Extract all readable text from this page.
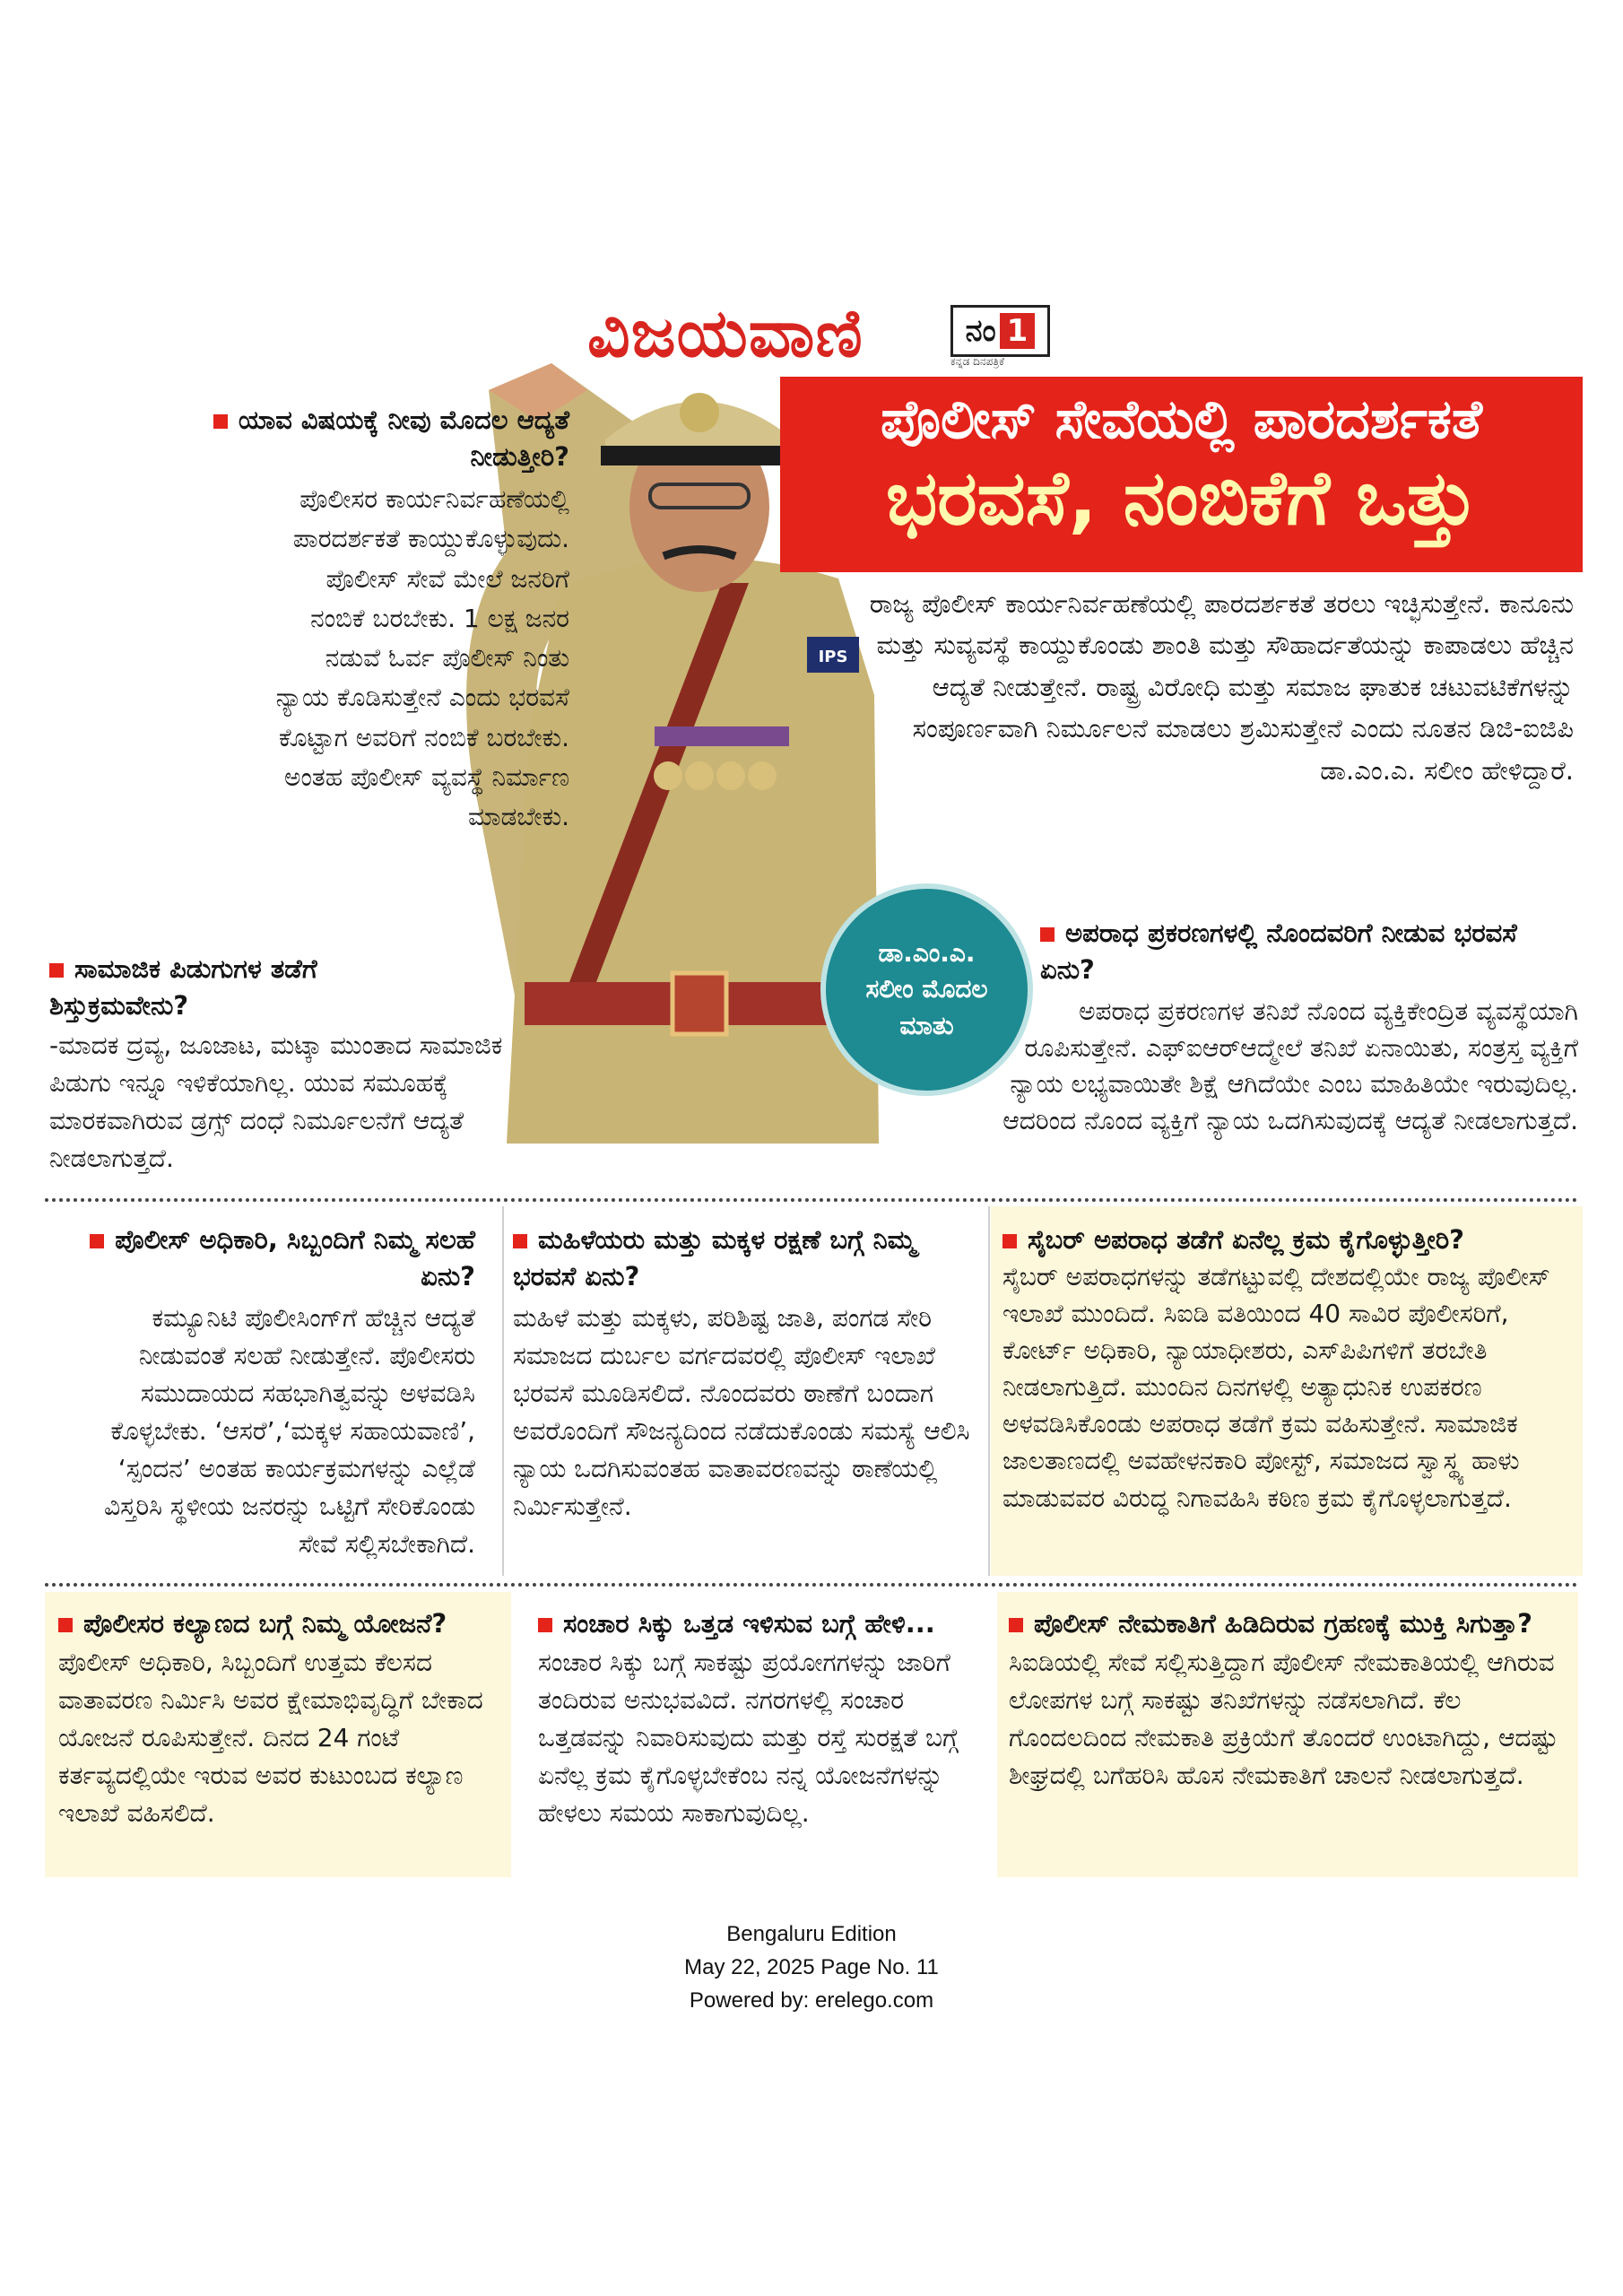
ವಿಜಯವಾಣಿ	ನಂ 1
ಕನ್ನಡ ದಿನಪತ್ರಿಕೆ
IPS
ಪೊಲೀಸ್ ಸೇವೆಯಲ್ಲಿ ಪಾರದರ್ಶಕತೆ
ಭರವಸೆ, ನಂಬಿಕೆಗೆ ಒತ್ತು
ರಾಜ್ಯ ಪೊಲೀಸ್ ಕಾರ್ಯನಿರ್ವಹಣೆಯಲ್ಲಿ ಪಾರದರ್ಶಕತೆ ತರಲು ಇಚ್ಛಿಸುತ್ತೇನೆ. ಕಾನೂನು ಮತ್ತು ಸುವ್ಯವಸ್ಥೆ ಕಾಯ್ದುಕೊಂಡು ಶಾಂತಿ ಮತ್ತು ಸೌಹಾರ್ದತೆಯನ್ನು ಕಾಪಾಡಲು ಹೆಚ್ಚಿನ ಆದ್ಯತೆ ನೀಡುತ್ತೇನೆ. ರಾಷ್ಟ್ರ ವಿರೋಧಿ ಮತ್ತು ಸಮಾಜ ಘಾತುಕ ಚಟುವಟಿಕೆಗಳನ್ನು ಸಂಪೂರ್ಣವಾಗಿ ನಿರ್ಮೂಲನೆ ಮಾಡಲು ಶ್ರಮಿಸುತ್ತೇನೆ ಎಂದು ನೂತನ ಡಿಜಿ-ಐಜಿಪಿ ಡಾ.ಎಂ.ಎ. ಸಲೀಂ ಹೇಳಿದ್ದಾರೆ.
ಡಾ.ಎಂ.ಎ.
ಸಲೀಂ ಮೊದಲ
ಮಾತು
ಯಾವ ವಿಷಯಕ್ಕೆ ನೀವು ಮೊದಲ ಆದ್ಯತೆ ನೀಡುತ್ತೀರಿ?
ಪೊಲೀಸರ ಕಾರ್ಯನಿರ್ವಹಣೆಯಲ್ಲಿ ಪಾರದರ್ಶಕತೆ ಕಾಯ್ದುಕೊಳ್ಳುವುದು. ಪೊಲೀಸ್ ಸೇವೆ ಮೇಲೆ ಜನರಿಗೆ ನಂಬಿಕೆ ಬರಬೇಕು. 1 ಲಕ್ಷ ಜನರ ನಡುವೆ ಓರ್ವ ಪೊಲೀಸ್ ನಿಂತು ನ್ಯಾಯ ಕೊಡಿಸುತ್ತೇನೆ ಎಂದು ಭರವಸೆ ಕೊಟ್ಟಾಗ ಅವರಿಗೆ ನಂಬಿಕೆ ಬರಬೇಕು. ಅಂತಹ ಪೊಲೀಸ್ ವ್ಯವಸ್ಥೆ ನಿರ್ಮಾಣ ಮಾಡಬೇಕು.
ಸಾಮಾಜಿಕ ಪಿಡುಗುಗಳ ತಡೆಗೆ ಶಿಸ್ತುಕ್ರಮವೇನು?
-ಮಾದಕ ದ್ರವ್ಯ, ಜೂಜಾಟ, ಮಟ್ಕಾ ಮುಂತಾದ ಸಾಮಾಜಿಕ ಪಿಡುಗು ಇನ್ನೂ ಇಳಿಕೆಯಾಗಿಲ್ಲ. ಯುವ ಸಮೂಹಕ್ಕೆ ಮಾರಕವಾಗಿರುವ ಡ್ರಗ್ಸ್ ದಂಧೆ ನಿರ್ಮೂಲನೆಗೆ ಆದ್ಯತೆ ನೀಡಲಾಗುತ್ತದೆ.
ಅಪರಾಧ ಪ್ರಕರಣಗಳಲ್ಲಿ ನೊಂದವರಿಗೆ ನೀಡುವ ಭರವಸೆ ಏನು?
ಅಪರಾಧ ಪ್ರಕರಣಗಳ ತನಿಖೆ ನೊಂದ ವ್ಯಕ್ತಿಕೇಂದ್ರಿತ ವ್ಯವಸ್ಥೆಯಾಗಿ ರೂಪಿಸುತ್ತೇನೆ. ಎಫ್‌ಐಆರ್‌ಆದ್ಮೇಲೆ ತನಿಖೆ ಏನಾಯಿತು, ಸಂತ್ರಸ್ತ ವ್ಯಕ್ತಿಗೆ ನ್ಯಾಯ ಲಭ್ಯವಾಯಿತೇ ಶಿಕ್ಷೆ ಆಗಿದೆಯೇ ಎಂಬ ಮಾಹಿತಿಯೇ ಇರುವುದಿಲ್ಲ. ಆದರಿಂದ ನೊಂದ ವ್ಯಕ್ತಿಗೆ ನ್ಯಾಯ ಒದಗಿಸುವುದಕ್ಕೆ ಆದ್ಯತೆ ನೀಡಲಾಗುತ್ತದೆ.
ಪೊಲೀಸ್ ಅಧಿಕಾರಿ, ಸಿಬ್ಬಂದಿಗೆ ನಿಮ್ಮ ಸಲಹೆ ಏನು?
ಕಮ್ಯೂನಿಟಿ ಪೊಲೀಸಿಂಗ್‌ಗೆ ಹೆಚ್ಚಿನ ಆದ್ಯತೆ ನೀಡುವಂತೆ ಸಲಹೆ ನೀಡುತ್ತೇನೆ. ಪೊಲೀಸರು ಸಮುದಾಯದ ಸಹಭಾಗಿತ್ವವನ್ನು ಅಳವಡಿಸಿ ಕೊಳ್ಳಬೇಕು. ‘ಆಸರೆ’,‘ಮಕ್ಕಳ ಸಹಾಯವಾಣಿ’, ‘ಸ್ಪಂದನ’ ಅಂತಹ ಕಾರ್ಯಕ್ರಮಗಳನ್ನು ಎಲ್ಲೆಡೆ ವಿಸ್ತರಿಸಿ ಸ್ಥಳೀಯ ಜನರನ್ನು ಒಟ್ಟಿಗೆ ಸೇರಿಕೊಂಡು ಸೇವೆ ಸಲ್ಲಿಸಬೇಕಾಗಿದೆ.
ಮಹಿಳೆಯರು ಮತ್ತು ಮಕ್ಕಳ ರಕ್ಷಣೆ ಬಗ್ಗೆ ನಿಮ್ಮ ಭರವಸೆ ಏನು?
ಮಹಿಳೆ ಮತ್ತು ಮಕ್ಕಳು, ಪರಿಶಿಷ್ಟ ಜಾತಿ, ಪಂಗಡ ಸೇರಿ ಸಮಾಜದ ದುರ್ಬಲ ವರ್ಗದವರಲ್ಲಿ ಪೊಲೀಸ್ ಇಲಾಖೆ ಭರವಸೆ ಮೂಡಿಸಲಿದೆ. ನೊಂದವರು ಠಾಣೆಗೆ ಬಂದಾಗ ಅವರೊಂದಿಗೆ ಸೌಜನ್ಯದಿಂದ ನಡೆದುಕೊಂಡು ಸಮಸ್ಯೆ ಆಲಿಸಿ ನ್ಯಾಯ ಒದಗಿಸುವಂತಹ ವಾತಾವರಣವನ್ನು ಠಾಣೆಯಲ್ಲಿ ನಿರ್ಮಿಸುತ್ತೇನೆ.
ಸೈಬರ್ ಅಪರಾಧ ತಡೆಗೆ ಏನೆಲ್ಲ ಕ್ರಮ ಕೈಗೊಳ್ಳುತ್ತೀರಿ?
ಸೈಬರ್ ಅಪರಾಧಗಳನ್ನು ತಡೆಗಟ್ಟುವಲ್ಲಿ ದೇಶದಲ್ಲಿಯೇ ರಾಜ್ಯ ಪೊಲೀಸ್ ಇಲಾಖೆ ಮುಂದಿದೆ. ಸಿಐಡಿ ವತಿಯಿಂದ 40 ಸಾವಿರ ಪೊಲೀಸರಿಗೆ, ಕೋರ್ಟ್ ಅಧಿಕಾರಿ, ನ್ಯಾಯಾಧೀಶರು, ಎಸ್‌ಪಿಪಿಗಳಿಗೆ ತರಬೇತಿ ನೀಡಲಾಗುತ್ತಿದೆ. ಮುಂದಿನ ದಿನಗಳಲ್ಲಿ ಅತ್ಯಾಧುನಿಕ ಉಪಕರಣ ಅಳವಡಿಸಿಕೊಂಡು ಅಪರಾಧ ತಡೆಗೆ ಕ್ರಮ ವಹಿಸುತ್ತೇನೆ. ಸಾಮಾಜಿಕ ಜಾಲತಾಣದಲ್ಲಿ ಅವಹೇಳನಕಾರಿ ಪೋಸ್ಟ್, ಸಮಾಜದ ಸ್ವಾಸ್ಥ್ಯ ಹಾಳು ಮಾಡುವವರ ವಿರುದ್ಧ ನಿಗಾವಹಿಸಿ ಕಠಿಣ ಕ್ರಮ ಕೈಗೊಳ್ಳಲಾಗುತ್ತದೆ.
ಪೊಲೀಸರ ಕಲ್ಯಾಣದ ಬಗ್ಗೆ ನಿಮ್ಮ ಯೋಜನೆ?
ಪೊಲೀಸ್ ಅಧಿಕಾರಿ, ಸಿಬ್ಬಂದಿಗೆ ಉತ್ತಮ ಕೆಲಸದ ವಾತಾವರಣ ನಿರ್ಮಿಸಿ ಅವರ ಕ್ಷೇಮಾಭಿವೃದ್ಧಿಗೆ ಬೇಕಾದ ಯೋಜನೆ ರೂಪಿಸುತ್ತೇನೆ. ದಿನದ 24 ಗಂಟೆ ಕರ್ತವ್ಯದಲ್ಲಿಯೇ ಇರುವ ಅವರ ಕುಟುಂಬದ ಕಲ್ಯಾಣ ಇಲಾಖೆ ವಹಿಸಲಿದೆ.
ಸಂಚಾರ ಸಿಕ್ಕು ಒತ್ತಡ ಇಳಿಸುವ ಬಗ್ಗೆ ಹೇಳಿ...
ಸಂಚಾರ ಸಿಕ್ಕು ಬಗ್ಗೆ ಸಾಕಷ್ಟು ಪ್ರಯೋಗಗಳನ್ನು ಜಾರಿಗೆ ತಂದಿರುವ ಅನುಭವವಿದೆ. ನಗರಗಳಲ್ಲಿ ಸಂಚಾರ ಒತ್ತಡವನ್ನು ನಿವಾರಿಸುವುದು ಮತ್ತು ರಸ್ತೆ ಸುರಕ್ಷತೆ ಬಗ್ಗೆ ಏನೆಲ್ಲ ಕ್ರಮ ಕೈಗೊಳ್ಳಬೇಕೆಂಬ ನನ್ನ ಯೋಜನೆಗಳನ್ನು ಹೇಳಲು ಸಮಯ ಸಾಕಾಗುವುದಿಲ್ಲ.
ಪೊಲೀಸ್ ನೇಮಕಾತಿಗೆ ಹಿಡಿದಿರುವ ಗ್ರಹಣಕ್ಕೆ ಮುಕ್ತಿ ಸಿಗುತ್ತಾ?
ಸಿಐಡಿಯಲ್ಲಿ ಸೇವೆ ಸಲ್ಲಿಸುತ್ತಿದ್ದಾಗ ಪೊಲೀಸ್ ನೇಮಕಾತಿಯಲ್ಲಿ ಆಗಿರುವ ಲೋಪಗಳ ಬಗ್ಗೆ ಸಾಕಷ್ಟು ತನಿಖೆಗಳನ್ನು ನಡೆಸಲಾಗಿದೆ. ಕೆಲ ಗೊಂದಲದಿಂದ ನೇಮಕಾತಿ ಪ್ರಕ್ರಿಯೆಗೆ ತೊಂದರೆ ಉಂಟಾಗಿದ್ದು, ಆದಷ್ಟು ಶೀಘ್ರದಲ್ಲಿ ಬಗೆಹರಿಸಿ ಹೊಸ ನೇಮಕಾತಿಗೆ ಚಾಲನೆ ನೀಡಲಾಗುತ್ತದೆ.
Bengaluru Edition
May 22, 2025 Page No. 11
Powered by: erelego.com
